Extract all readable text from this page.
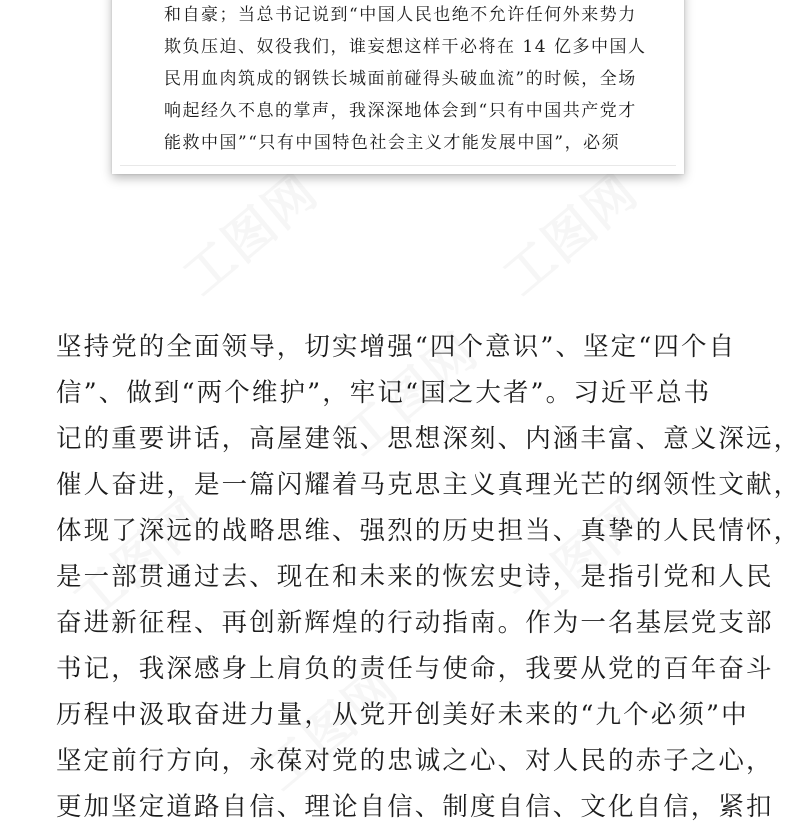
工图网	工图网
工图网
工图网	工图网
工图网
和自豪；当总书记说到“中国人民也绝不允许任何外来势力
欺负压迫、奴役我们，谁妄想这样干必将在 14 亿多中国人
民用血肉筑成的钢铁长城面前碰得头破血流”的时候，全场
响起经久不息的掌声，我深深地体会到“只有中国共产党才
能救中国”“只有中国特色社会主义才能发展中国”，必须
坚持党的全面领导，切实增强“四个意识”、坚定“四个自
信”、做到“两个维护”，牢记“国之大者”。习近平总书
记的重要讲话，高屋建瓴、思想深刻、内涵丰富、意义深远，
催人奋进，是一篇闪耀着马克思主义真理光芒的纲领性文献，
体现了深远的战略思维、强烈的历史担当、真挚的人民情怀，
是一部贯通过去、现在和未来的恢宏史诗，是指引党和人民
奋进新征程、再创新辉煌的行动指南。作为一名基层党支部
书记，我深感身上肩负的责任与使命，我要从党的百年奋斗
历程中汲取奋进力量，从党开创美好未来的“九个必须”中
坚定前行方向，永葆对党的忠诚之心、对人民的赤子之心，
更加坚定道路自信、理论自信、制度自信、文化自信，紧扣
